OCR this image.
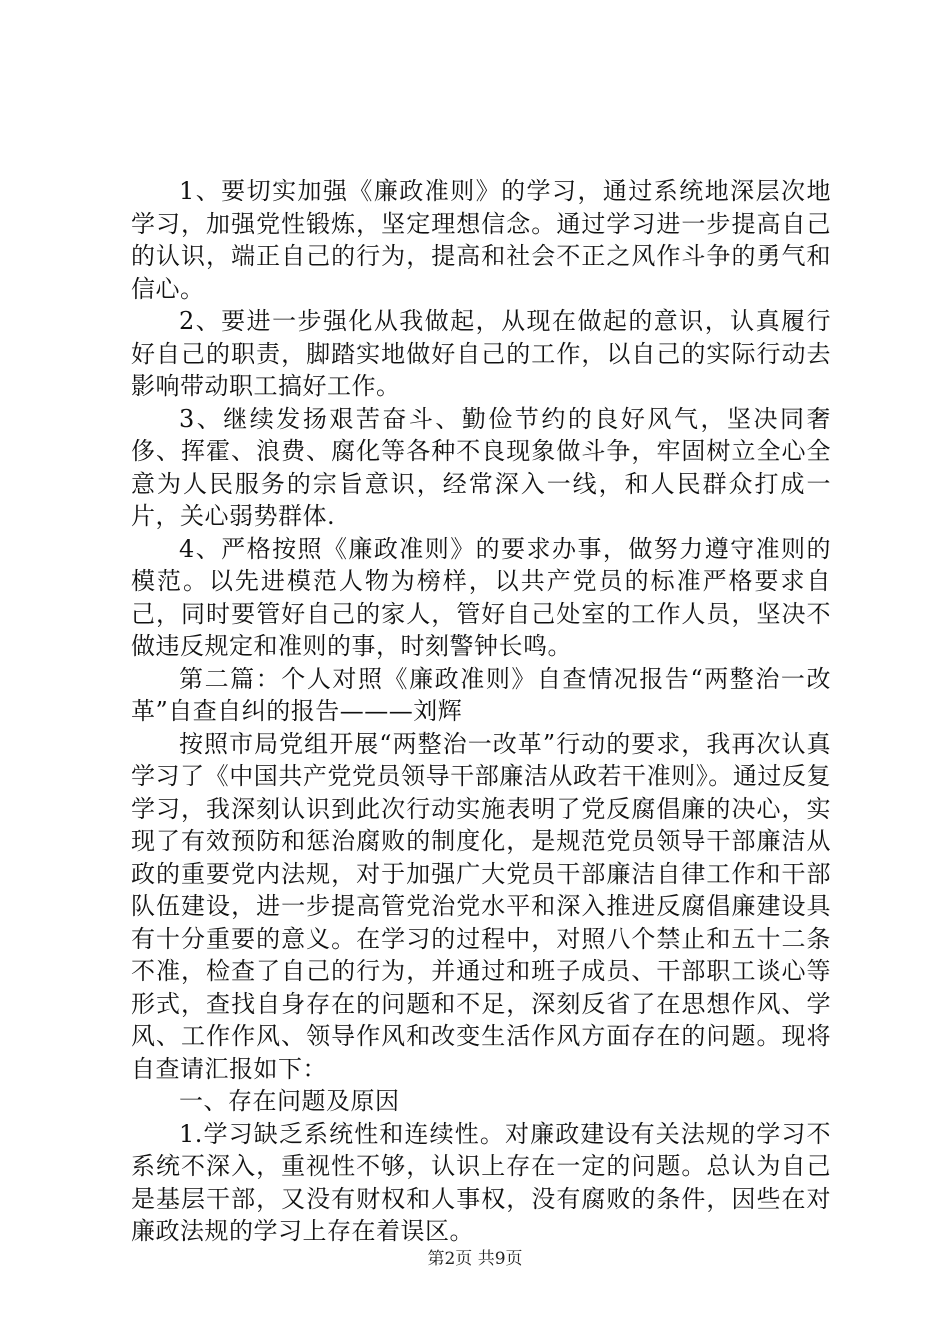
1、要切实加强《廉政准则》的学习，通过系统地深层次地学习，加强党性锻炼，坚定理想信念。通过学习进一步提高自己的认识，端正自己的行为，提高和社会不正之风作斗争的勇气和信心。

2、要进一步强化从我做起，从现在做起的意识，认真履行好自己的职责，脚踏实地做好自己的工作，以自己的实际行动去影响带动职工搞好工作。

3、继续发扬艰苦奋斗、勤俭节约的良好风气，坚决同奢侈、挥霍、浪费、腐化等各种不良现象做斗争，牢固树立全心全意为人民服务的宗旨意识，经常深入一线，和人民群众打成一片，关心弱势群体.

4、严格按照《廉政准则》的要求办事，做努力遵守准则的模范。以先进模范人物为榜样，以共产党员的标准严格要求自己，同时要管好自己的家人，管好自己处室的工作人员，坚决不做违反规定和准则的事，时刻警钟长鸣。

第二篇：个人对照《廉政准则》自查情况报告“两整治一改革”自查自纠的报告———刘辉

按照市局党组开展“两整治一改革”行动的要求，我再次认真学习了《中国共产党党员领导干部廉洁从政若干准则》。通过反复学习，我深刻认识到此次行动实施表明了党反腐倡廉的决心，实现了有效预防和惩治腐败的制度化，是规范党员领导干部廉洁从政的重要党内法规，对于加强广大党员干部廉洁自律工作和干部队伍建设，进一步提高管党治党水平和深入推进反腐倡廉建设具有十分重要的意义。在学习的过程中，对照八个禁止和五十二条不准，检查了自己的行为，并通过和班子成员、干部职工谈心等形式，查找自身存在的问题和不足，深刻反省了在思想作风、学风、工作作风、领导作风和改变生活作风方面存在的问题。现将自查请汇报如下：

一、存在问题及原因

1.学习缺乏系统性和连续性。对廉政建设有关法规的学习不系统不深入，重视性不够，认识上存在一定的问题。总认为自己是基层干部，又没有财权和人事权，没有腐败的条件，因些在对廉政法规的学习上存在着误区。

第2页 共9页
